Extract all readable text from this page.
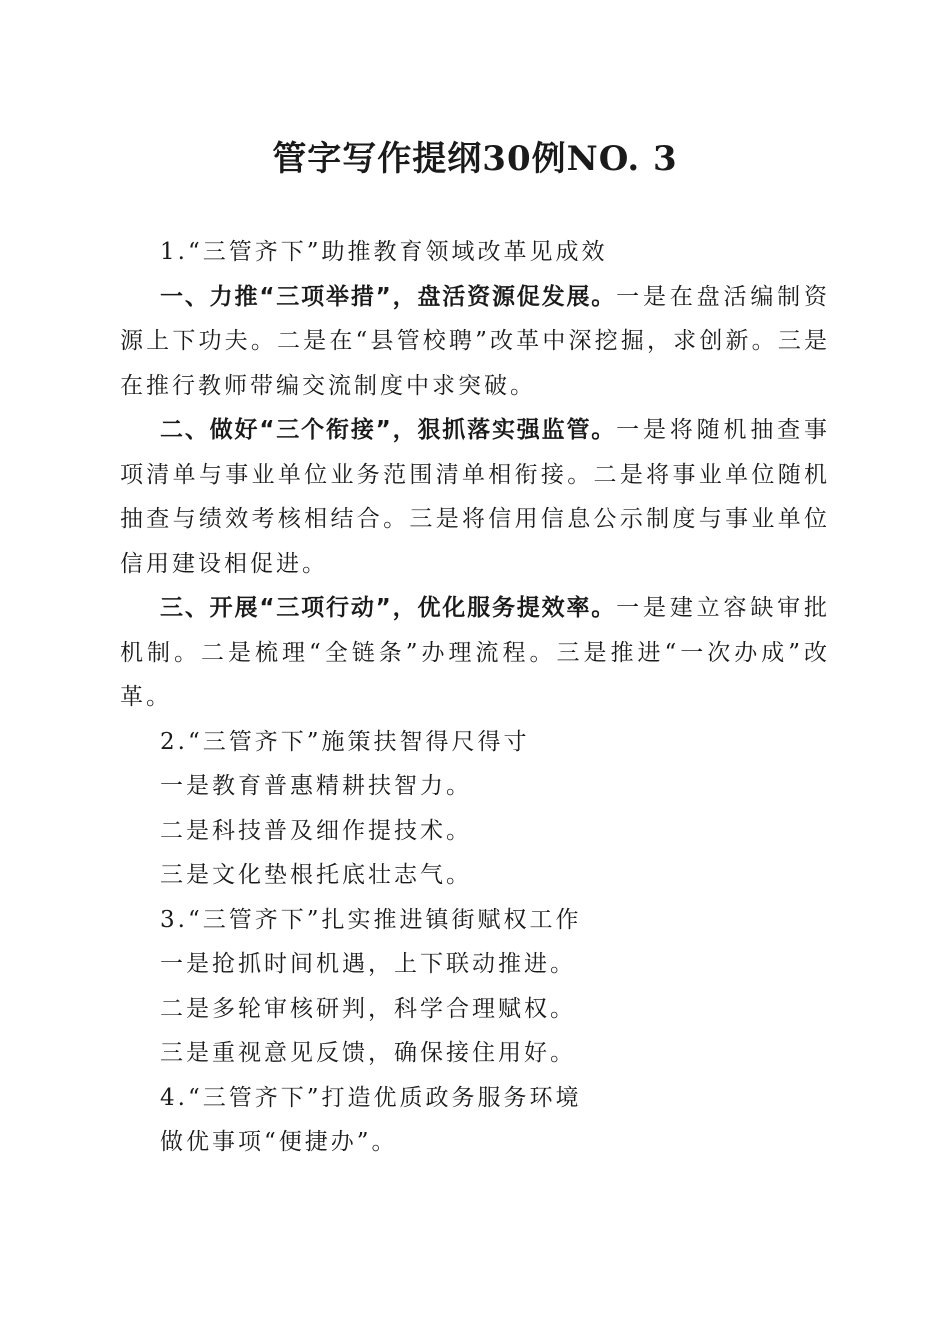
管字写作提纲30例NO. 3

1.“三管齐下”助推教育领域改革见成效

一、力推“三项举措”，盘活资源促发展。一是在盘活编制资源上下功夫。二是在“县管校聘”改革中深挖掘，求创新。三是在推行教师带编交流制度中求突破。

二、做好“三个衔接”，狠抓落实强监管。一是将随机抽查事项清单与事业单位业务范围清单相衔接。二是将事业单位随机抽查与绩效考核相结合。三是将信用信息公示制度与事业单位信用建设相促进。

三、开展“三项行动”，优化服务提效率。一是建立容缺审批机制。二是梳理“全链条”办理流程。三是推进“一次办成”改革。

2.“三管齐下”施策扶智得尺得寸

一是教育普惠精耕扶智力。

二是科技普及细作提技术。

三是文化垫根托底壮志气。

3.“三管齐下”扎实推进镇街赋权工作

一是抢抓时间机遇，上下联动推进。

二是多轮审核研判，科学合理赋权。

三是重视意见反馈，确保接住用好。

4.“三管齐下”打造优质政务服务环境

做优事项“便捷办”。
